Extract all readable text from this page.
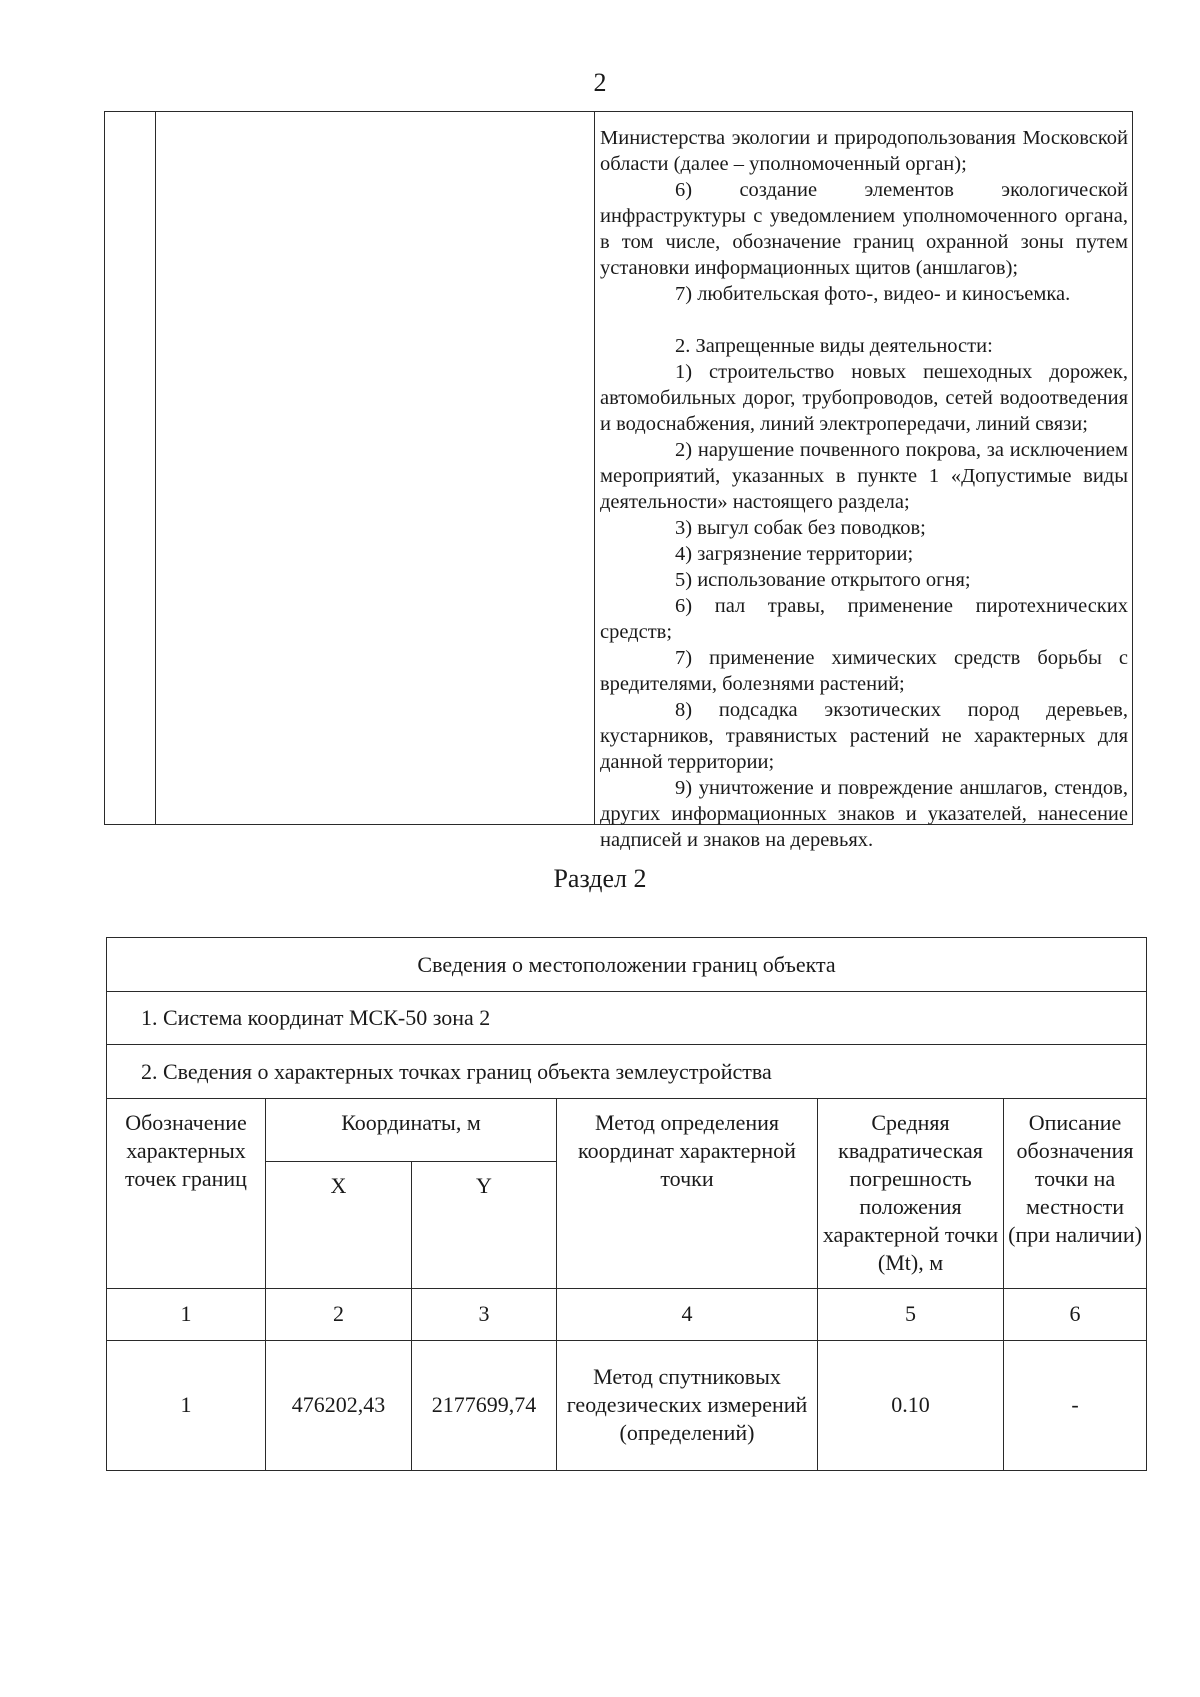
2

Министерства экологии и природопользования Московской области (далее – уполномоченный орган);

6) создание элементов экологической инфраструктуры с уведомлением уполномоченного органа, в том числе, обозначение границ охранной зоны путем установки информационных щитов (аншлагов);

7) любительская фото-, видео- и киносъемка.

2. Запрещенные виды деятельности:

1) строительство новых пешеходных дорожек, автомобильных дорог, трубопроводов, сетей водоотведения и водоснабжения, линий электропередачи, линий связи;

2) нарушение почвенного покрова, за исключением мероприятий, указанных в пункте 1 «Допустимые виды деятельности» настоящего раздела;

3) выгул собак без поводков;

4) загрязнение территории;

5) использование открытого огня;

6) пал травы, применение пиротехнических средств;

7) применение химических средств борьбы с вредителями, болезнями растений;

8) подсадка экзотических пород деревьев, кустарников, травянистых растений не характерных для данной территории;

9) уничтожение и повреждение аншлагов, стендов, других информационных знаков и указателей, нанесение надписей и знаков на деревьях.

Раздел 2
Сведения о местоположении границ объекта					
1. Система координат МСК-50 зона 2					
2. Сведения о характерных точках границ объекта землеустройства					
Обозначение характерных точек границ	Координаты, м		Метод определения координат характерной точки	Средняя квадратическая погрешность положения характерной точки (Mt), м	Описание обозначения точки на местности (при наличии)
	X	Y			
1	2	3	4	5	6
1	476202,43	2177699,74	Метод спутниковых геодезических измерений (определений)	0.10	-
